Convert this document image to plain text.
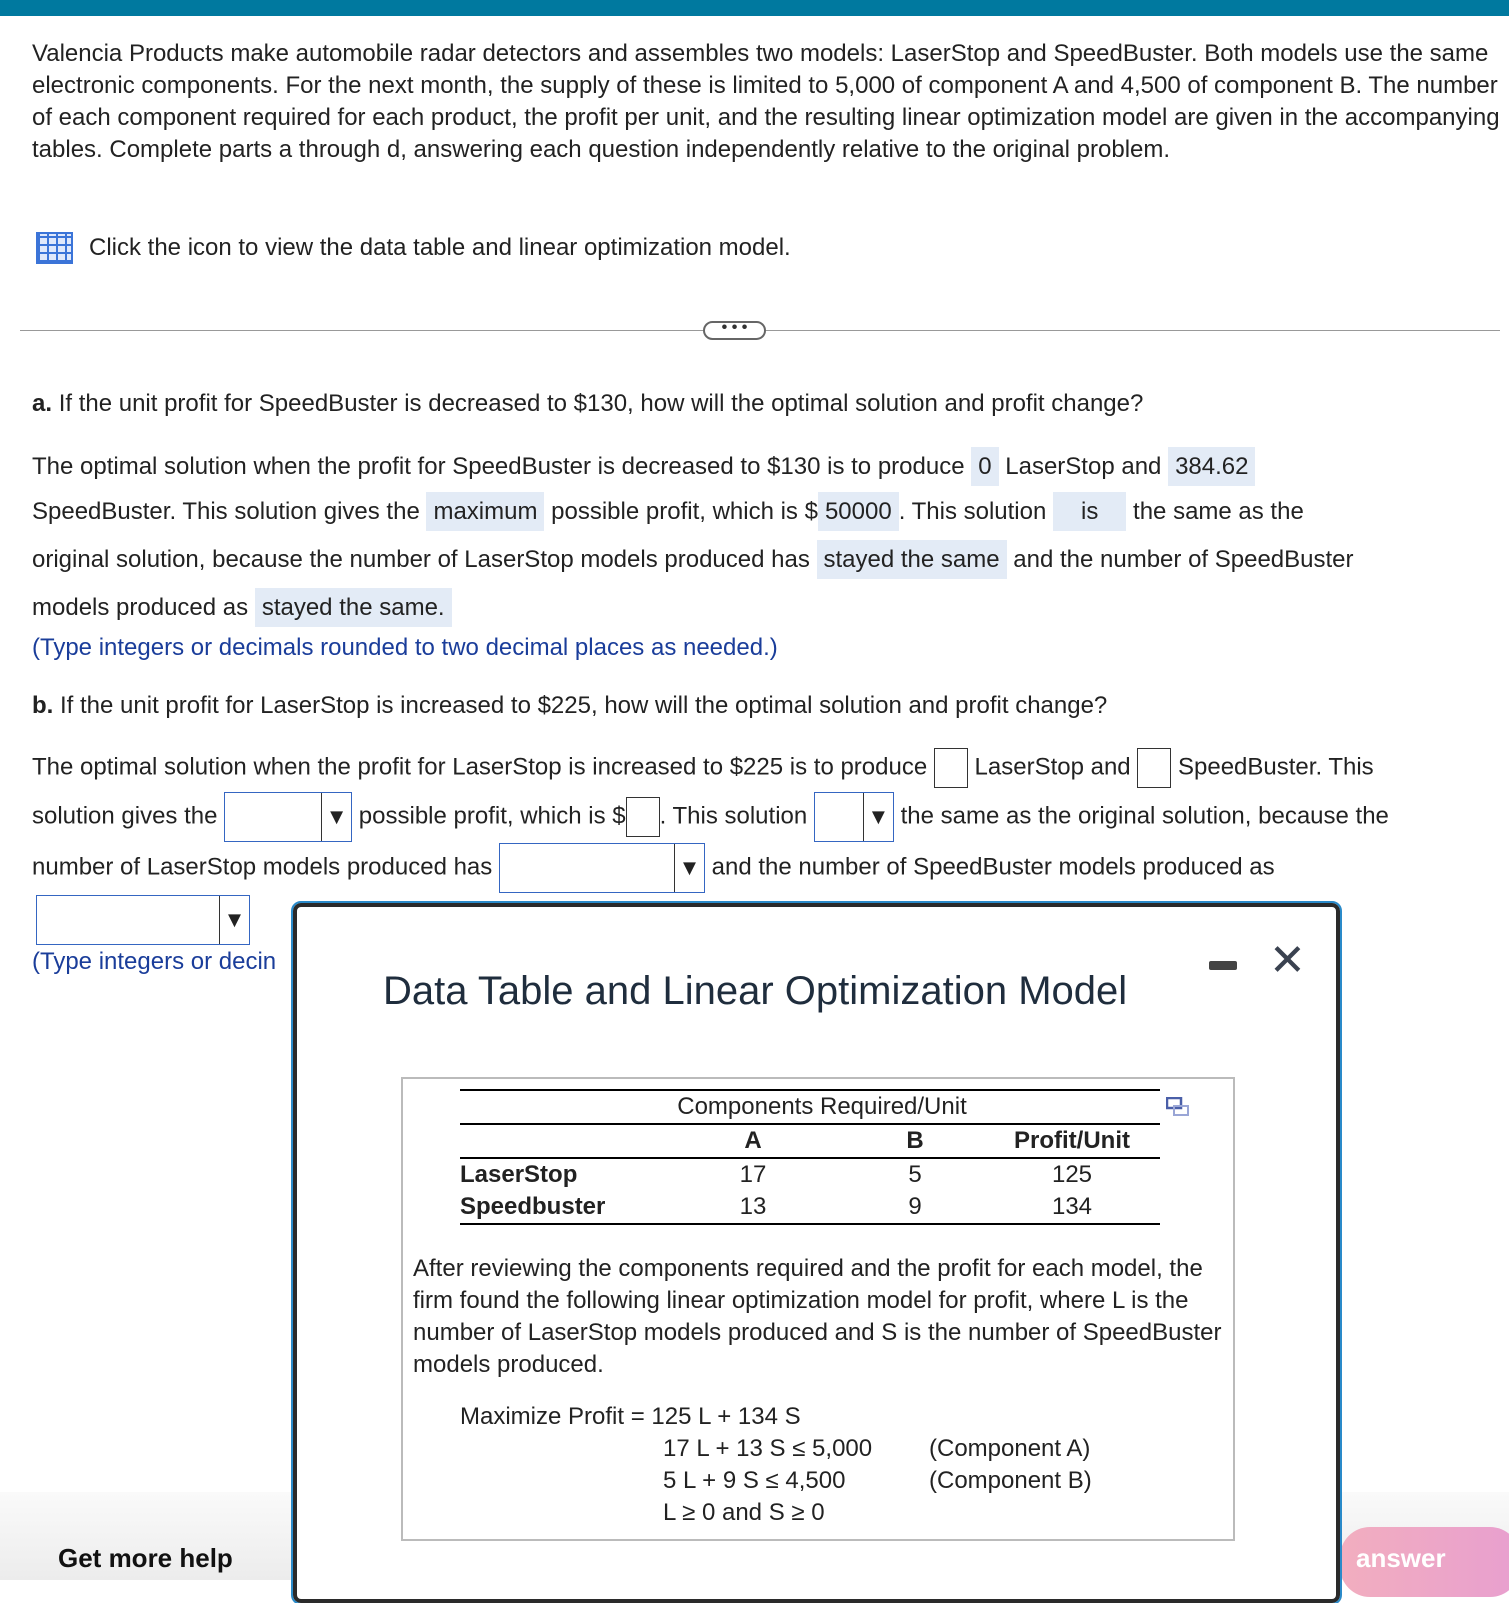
Valencia Products make automobile radar detectors and assembles two models: LaserStop and SpeedBuster. Both models use the same electronic components. For the next month, the supply of these is limited to 5,000 of component A and 4,500 of component B. The number of each component required for each product, the profit per unit, and the resulting linear optimization model are given in the accompanying tables. Complete parts a through d, answering each question independently relative to the original problem.
Click the icon to view the data table and linear optimization model.
• • •
a. If the unit profit for SpeedBuster is decreased to $130, how will the optimal solution and profit change?
The optimal solution when the profit for SpeedBuster is decreased to $130 is to produce 0 LaserStop and 384.62
SpeedBuster. This solution gives the maximum possible profit, which is $ 50000 . This solution is the same as the
original solution, because the number of LaserStop models produced has stayed the same and the number of SpeedBuster
models produced as stayed the same.
(Type integers or decimals rounded to two decimal places as needed.)
b. If the unit profit for LaserStop is increased to $225, how will the optimal solution and profit change?
The optimal solution when the profit for LaserStop is increased to $225 is to produce LaserStop and SpeedBuster. This
solution gives the	▼ possible profit, which is $ . This solution	▼ the same as the original solution, because the
number of LaserStop models produced has	▼ and the number of SpeedBuster models produced as
▼
(Type integers or decin
Get more help	answer
Data Table and Linear Optimization Model
✕
	Components Required/Unit		
	A	B	Profit/Unit
LaserStop	17	5	125
Speedbuster	13	9	134
After reviewing the components required and the profit for each model, the firm found the following linear optimization model for profit, where L is the number of LaserStop models produced and S is the number of SpeedBuster models produced.
Maximize Profit = 125 L + 134 S
17 L + 13 S ≤ 5,000 (Component A)
5 L + 9 S ≤ 4,500	(Component B)
L ≥ 0 and S ≥ 0
